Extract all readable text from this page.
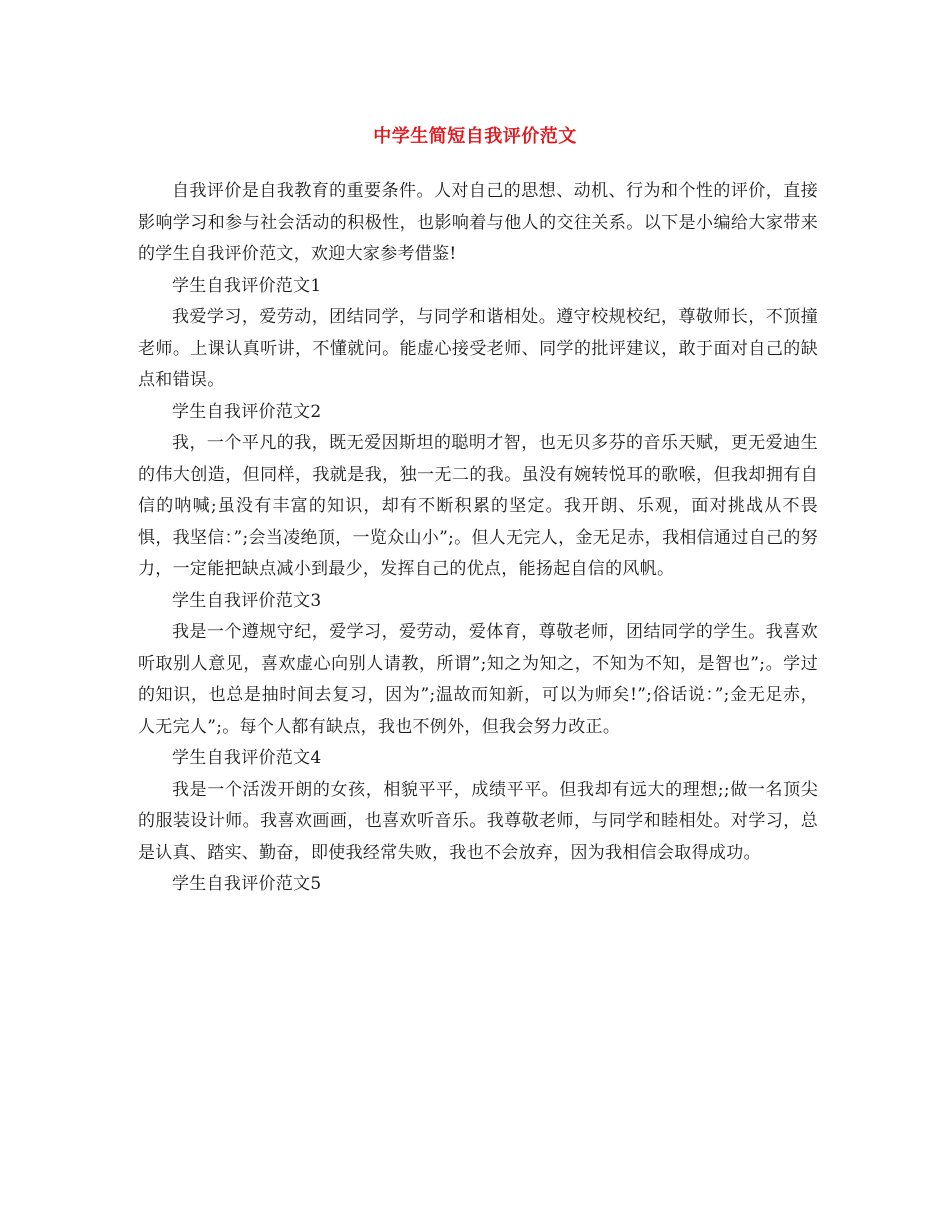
中学生简短自我评价范文

自我评价是自我教育的重要条件。人对自己的思想、动机、行为和个性的评价，直接影响学习和参与社会活动的积极性，也影响着与他人的交往关系。以下是小编给大家带来的学生自我评价范文，欢迎大家参考借鉴!

学生自我评价范文1

我爱学习，爱劳动，团结同学，与同学和谐相处。遵守校规校纪，尊敬师长，不顶撞老师。上课认真听讲，不懂就问。能虚心接受老师、同学的批评建议，敢于面对自己的缺点和错误。

学生自我评价范文2

我，一个平凡的我，既无爱因斯坦的聪明才智，也无贝多芬的音乐天赋，更无爱迪生的伟大创造，但同样，我就是我，独一无二的我。虽没有婉转悦耳的歌喉，但我却拥有自信的呐喊;虽没有丰富的知识，却有不断积累的坚定。我开朗、乐观，面对挑战从不畏惧，我坚信：”;会当凌绝顶，一览众山小”;。但人无完人，金无足赤，我相信通过自己的努力，一定能把缺点减小到最少，发挥自己的优点，能扬起自信的风帆。

学生自我评价范文3

我是一个遵规守纪，爱学习，爱劳动，爱体育，尊敬老师，团结同学的学生。我喜欢听取别人意见，喜欢虚心向别人请教，所谓”;知之为知之，不知为不知，是智也”;。学过的知识，也总是抽时间去复习，因为”;温故而知新，可以为师矣!”;俗话说：”;金无足赤，人无完人”;。每个人都有缺点，我也不例外，但我会努力改正。

学生自我评价范文4

我是一个活泼开朗的女孩，相貌平平，成绩平平。但我却有远大的理想;;做一名顶尖的服装设计师。我喜欢画画，也喜欢听音乐。我尊敬老师，与同学和睦相处。对学习，总是认真、踏实、勤奋，即使我经常失败，我也不会放弃，因为我相信会取得成功。

学生自我评价范文5
